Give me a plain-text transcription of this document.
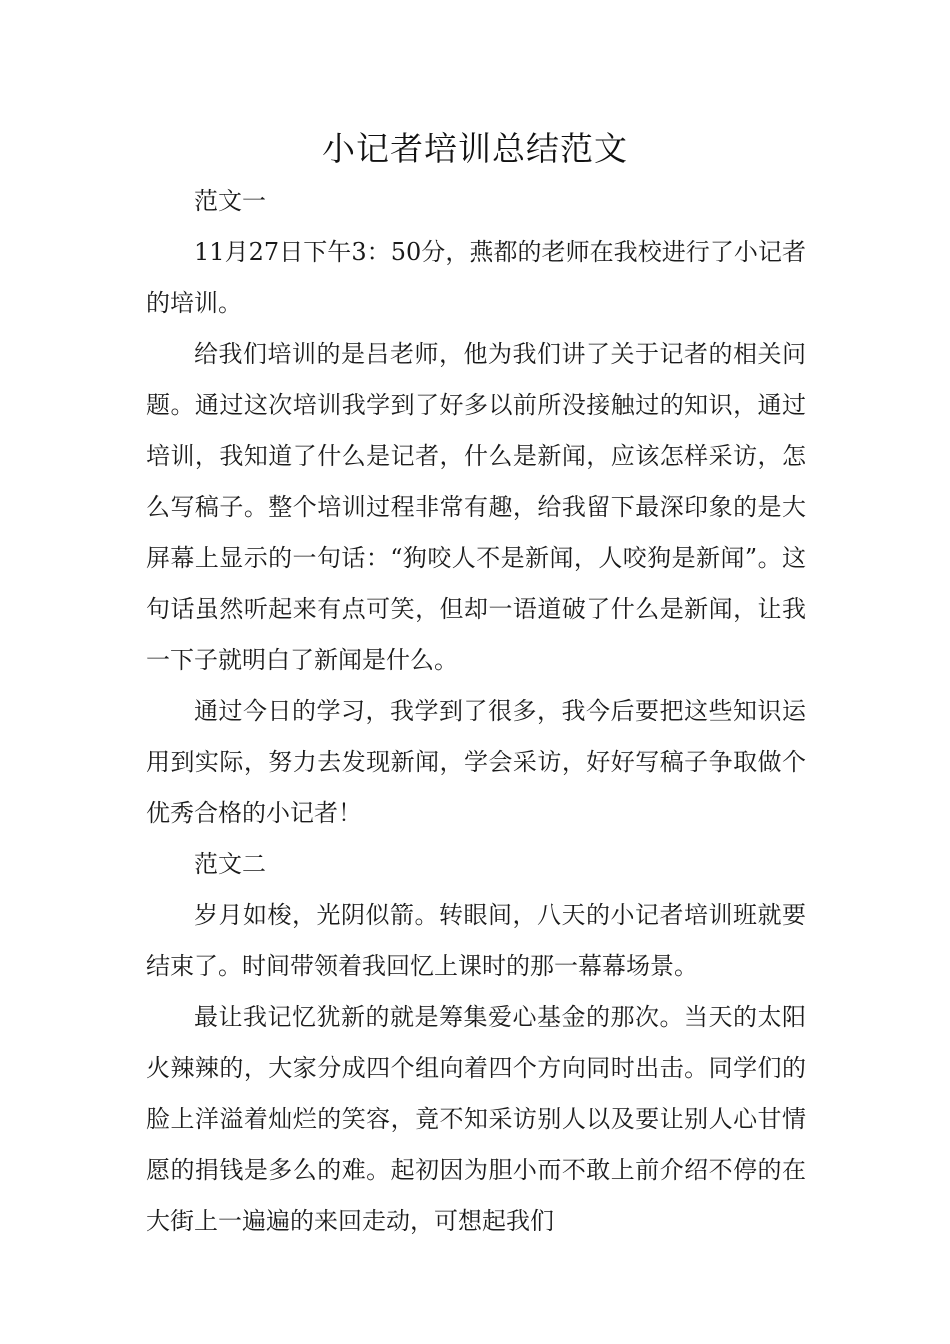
小记者培训总结范文

范文一

11月27日下午3：50分，燕都的老师在我校进行了小记者的培训。

给我们培训的是吕老师，他为我们讲了关于记者的相关问题。通过这次培训我学到了好多以前所没接触过的知识，通过培训，我知道了什么是记者，什么是新闻，应该怎样采访，怎么写稿子。整个培训过程非常有趣，给我留下最深印象的是大屏幕上显示的一句话：“狗咬人不是新闻，人咬狗是新闻”。这句话虽然听起来有点可笑，但却一语道破了什么是新闻，让我一下子就明白了新闻是什么。

通过今日的学习，我学到了很多，我今后要把这些知识运用到实际，努力去发现新闻，学会采访，好好写稿子争取做个优秀合格的小记者！

范文二

岁月如梭，光阴似箭。转眼间，八天的小记者培训班就要结束了。时间带领着我回忆上课时的那一幕幕场景。

最让我记忆犹新的就是筹集爱心基金的那次。当天的太阳火辣辣的，大家分成四个组向着四个方向同时出击。同学们的脸上洋溢着灿烂的笑容，竟不知采访别人以及要让别人心甘情愿的捐钱是多么的难。起初因为胆小而不敢上前介绍不停的在大街上一遍遍的来回走动，可想起我们
